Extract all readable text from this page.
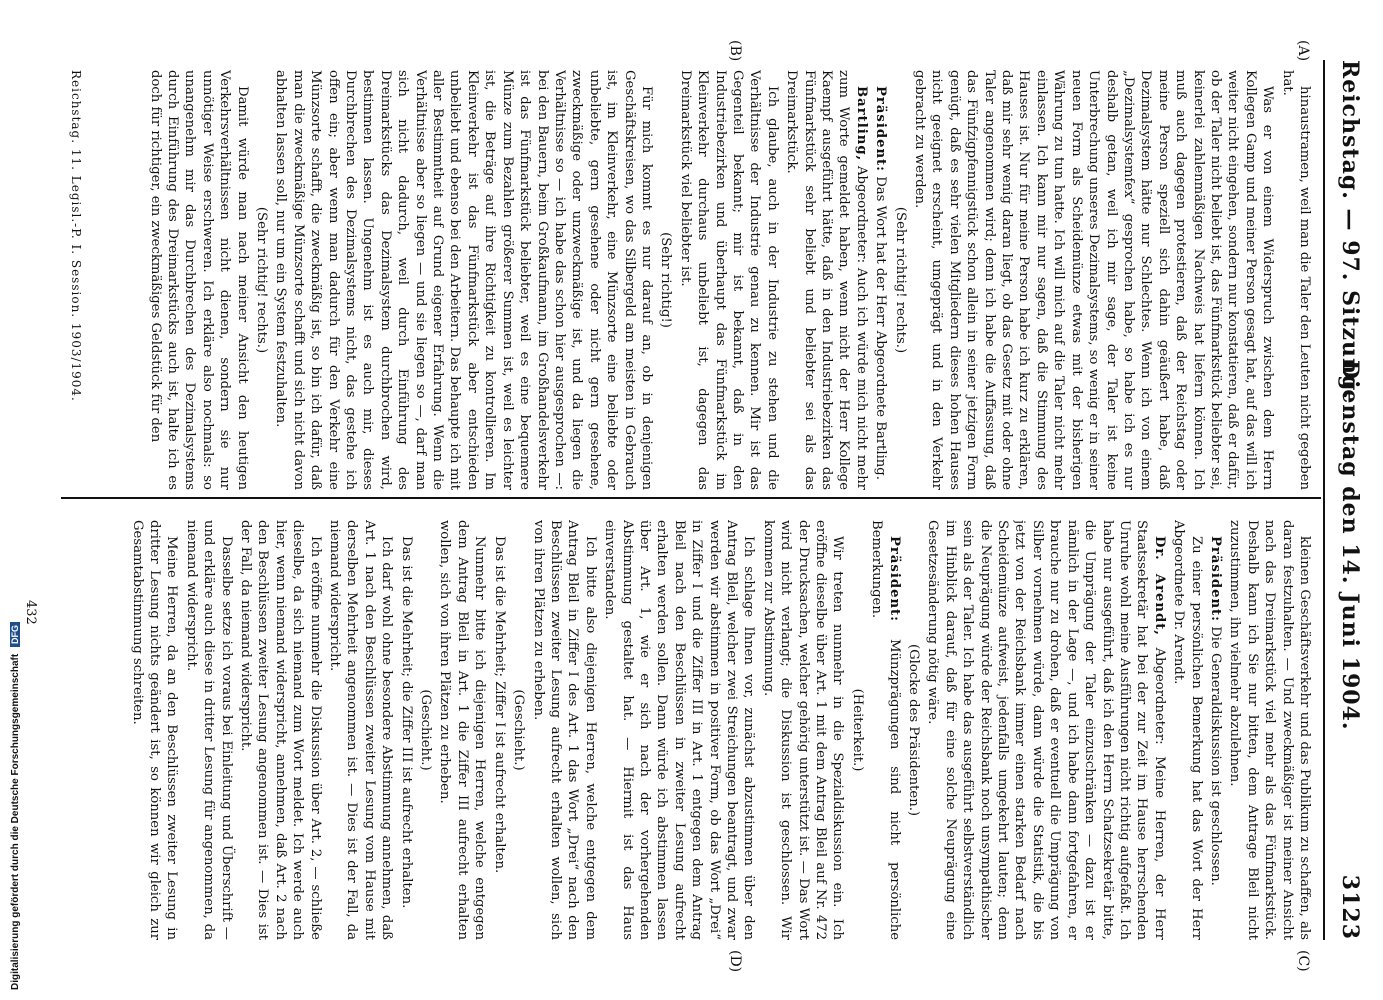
Reichstag. — 97. Sitzung.
Dienstag den 14. Juni 1904.
3123
(A)
(B)
(C)
(D)

hinaustramen, weil man die Taler den Leuten nicht gegeben hat.

Was er von einem Widerspruch zwischen dem Herrn Kollegen Gamp und meiner Person gesagt hat, auf das will ich weiter nicht eingehen, sondern nur konstatieren, daß er dafür, ob der Taler nicht beliebt ist, das Fünfmarkstück beliebter sei, keinerlei zahlenmäßigen Nachweis hat liefern können. Ich muß auch dagegen protestieren, daß der Reichstag oder meine Person speziell sich dahin geäußert habe, daß Dezimalsystem hätte nur Schlechtes. Wenn ich von einem „Dezimalsystemfex“ gesprochen habe, so habe ich es nur deshalb getan, weil ich mir sage, der Taler ist keine Unterbrechung unseres Dezimalsystems, so wenig er in seiner neuen Form als Scheidemünze etwas mit der bisherigen Währung zu tun hatte. Ich will mich auf die Taler nicht mehr einlassen. Ich kann mir nur sagen, daß die Stimmung des Hauses ist. Nur für meine Person habe ich kurz zu erklären, daß mir sehr wenig daran liegt, ob das Gesetz mit oder ohne Taler angenommen wird; denn ich habe die Auffassung, daß das Fünfzigpfennigstück schon allein in seiner jetzigen Form genügt, daß es sehr vielen Mitgliedern dieses hohen Hauses nicht geeignet erscheint, umgeprägt und in den Verkehr gebracht zu werden.

(Sehr richtig! rechts.)

Präsident: Das Wort hat der Herr Abgeordnete Bartling.

Bartling, Abgeordneter: Auch ich würde mich nicht mehr zum Worte gemeldet haben, wenn nicht der Herr Kollege Kaempf ausgeführt hätte, daß in den Industriebezirken das Fünfmarkstück sehr beliebt und beliebter sei als das Dreimarkstück.

Ich glaube, auch in der Industrie zu stehen und die Verhältnisse der Industrie genau zu kennen. Mir ist das Gegenteil bekannt; mir ist bekannt, daß in den Industriebezirken und überhaupt das Fünfmarkstück im Kleinverkehr durchaus unbeliebt ist, dagegen das Dreimarkstück viel beliebter ist.

(Sehr richtig!)

Für mich kommt es nur darauf an, ob in denjenigen Geschäftskreisen, wo das Silbergeld am meisten in Gebrauch ist, im Kleinverkehr, eine Münzsorte eine beliebte oder unbeliebte, gern gesehene oder nicht gern gesehene, zweckmäßige oder unzweckmäßige ist, und da liegen die Verhältnisse so — ich habe das schon hier ausgesprochen —: bei den Bauern, beim Großkaufmann, im Großhandelsverkehr ist das Fünfmarkstück beliebter, weil es eine bequemere Münze zum Bezahlen größerer Summen ist, weil es leichter ist, die Beträge auf ihre Richtigkeit zu kontrollieren. Im Kleinverkehr ist das Fünfmarkstück aber entschieden unbeliebt und ebenso bei den Arbeitern. Das behaupte ich mit aller Bestimmtheit auf Grund eigener Erfahrung. Wenn die Verhältnisse aber so liegen — und sie liegen so —, darf man sich nicht dadurch, weil durch Einführung des Dreimarkstücks das Dezimalsystem durchbrochen wird, bestimmen lassen. Ungenehm ist es auch mir, dieses Durchbrechen des Dezimalsystems nicht, das gestehe ich offen ein; aber wenn man dadurch für den Verkehr eine Münzsorte schafft, die zweckmäßig ist, so bin ich dafür, daß man die zweckmäßige Münzsorte schafft und sich nicht davon abhalten lassen soll, nur um ein System festzuhalten.

(Sehr richtig! rechts.)

Damit würde man nach meiner Ansicht den heutigen Verkehrsverhältnissen nicht dienen, sondern sie nur unnötiger Weise erschweren. Ich erkläre also nochmals: so unangenehm mir das Durchbrechen des Dezimalsystems durch Einführung des Dreimarkstücks auch ist, halte ich es doch für richtiger, ein zweckmäßiges Geldstück für den

kleinen Geschäftsverkehr und das Publikum zu schaffen, als daran festzuhalten. — Und zweckmäßiger ist meiner Ansicht nach das Dreimarkstück viel mehr als das Fünfmarkstück. Deshalb kann ich Sie nur bitten, dem Antrage Bleil nicht zuzustimmen, ihn vielmehr abzulehnen.

Präsident: Die Generaldiskussion ist geschlossen.

Zu einer persönlichen Bemerkung hat das Wort der Herr Abgeordnete Dr. Arendt.

Dr. Arendt, Abgeordneter: Meine Herren, der Herr Staatssekretär hat bei der zur Zeit im Hause herrschenden Unruhe wohl meine Ausführungen nicht richtig aufgefaßt. Ich habe nur ausgeführt, daß ich den Herrn Schatzsekretär bitte, die Umprägung der Taler einzuschränken — dazu ist er nämlich in der Lage —, und ich habe dann fortgefahren, er brauche nur zu drohen, daß er eventuell die Umprägung von Silber vornehmen würde, dann würde die Statistik, die bis jetzt von der Reichsbank immer einen starken Bedarf nach Scheidemünze aufweist, jedenfalls umgekehrt lauten; denn die Neuprägung würde der Reichsbank noch unsympathischer sein als der Taler. Ich habe das ausgeführt selbstverständlich im Hinblick darauf, daß für eine solche Neuprägung eine Gesetzesänderung nötig wäre.

(Glocke des Präsidenten.)

Präsident: Münzprägungen sind nicht persönliche Bemerkungen.

(Heiterkeit.)

Wir treten nunmehr in die Spezialdiskussion ein. Ich eröffne dieselbe über Art. 1 mit dem Antrag Bleil auf Nr. 472 der Drucksachen, welcher gehörig unterstützt ist. — Das Wort wird nicht verlangt; die Diskussion ist geschlossen. Wir kommen zur Abstimmung.

Ich schlage Ihnen vor, zunächst abzustimmen über den Antrag Bleil, welcher zwei Streichungen beantragt, und zwar werden wir abstimmen in positiver Form, ob das Wort „Drei“ in Ziffer I und die Ziffer III in Art. 1 entgegen dem Antrag Bleil nach den Beschlüssen in zweiter Lesung aufrecht erhalten werden sollen. Dann würde ich abstimmen lassen über Art. 1, wie er sich nach der vorhergehenden Abstimmung gestaltet hat. — Hiermit ist das Haus einverstanden.

Ich bitte also diejenigen Herren, welche entgegen dem Antrag Bleil in Ziffer I des Art. 1 das Wort „Drei“ nach den Beschlüssen zweiter Lesung aufrecht erhalten wollen, sich von ihren Plätzen zu erheben.

(Geschieht.)

Das ist die Mehrheit; Ziffer I ist aufrecht erhalten.

Nunmehr bitte ich diejenigen Herren, welche entgegen dem Antrag Bleil in Art. 1 die Ziffer III aufrecht erhalten wollen, sich von ihren Plätzen zu erheben.

(Geschieht.)

Das ist die Mehrheit; die Ziffer III ist aufrecht erhalten.

Ich darf wohl ohne besondere Abstimmung annehmen, daß Art. 1 nach den Beschlüssen zweiter Lesung vom Hause mit derselben Mehrheit angenommen ist. — Dies ist der Fall, da niemand widerspricht.

Ich eröffne nunmehr die Diskussion über Art. 2, — schließe dieselbe, da sich niemand zum Wort meldet. Ich werde auch hier, wenn niemand widerspricht, annehmen, daß Art. 2 nach den Beschlüssen zweiter Lesung angenommen ist. — Dies ist der Fall, da niemand widerspricht.

Dasselbe setze ich voraus bei Einleitung und Überschrift — und erkläre auch diese in dritter Lesung für angenommen, da niemand widerspricht.

Meine Herren, da an den Beschlüssen zweiter Lesung in dritter Lesung nichts geändert ist, so können wir gleich zur Gesamtabstimmung schreiten.

Reichstag. 11. Legisl.-P. I. Session. 1903/1904.
432
Digitalisierung gefördert durch die Deutsche Forschungsgemeinschaft DFG
